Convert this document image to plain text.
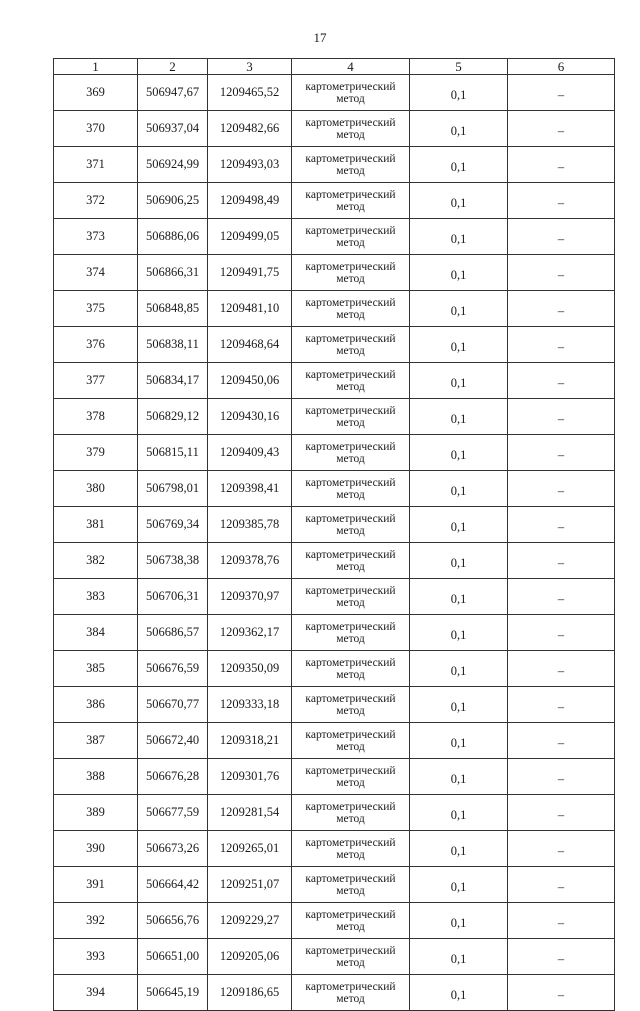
17
1	2	3	4	5	6
369	506947,67	1209465,52	картометрический
метод	0,1	–
370	506937,04	1209482,66	картометрический
метод	0,1	–
371	506924,99	1209493,03	картометрический
метод	0,1	–
372	506906,25	1209498,49	картометрический
метод	0,1	–
373	506886,06	1209499,05	картометрический
метод	0,1	–
374	506866,31	1209491,75	картометрический
метод	0,1	–
375	506848,85	1209481,10	картометрический
метод	0,1	–
376	506838,11	1209468,64	картометрический
метод	0,1	–
377	506834,17	1209450,06	картометрический
метод	0,1	–
378	506829,12	1209430,16	картометрический
метод	0,1	–
379	506815,11	1209409,43	картометрический
метод	0,1	–
380	506798,01	1209398,41	картометрический
метод	0,1	–
381	506769,34	1209385,78	картометрический
метод	0,1	–
382	506738,38	1209378,76	картометрический
метод	0,1	–
383	506706,31	1209370,97	картометрический
метод	0,1	–
384	506686,57	1209362,17	картометрический
метод	0,1	–
385	506676,59	1209350,09	картометрический
метод	0,1	–
386	506670,77	1209333,18	картометрический
метод	0,1	–
387	506672,40	1209318,21	картометрический
метод	0,1	–
388	506676,28	1209301,76	картометрический
метод	0,1	–
389	506677,59	1209281,54	картометрический
метод	0,1	–
390	506673,26	1209265,01	картометрический
метод	0,1	–
391	506664,42	1209251,07	картометрический
метод	0,1	–
392	506656,76	1209229,27	картометрический
метод	0,1	–
393	506651,00	1209205,06	картометрический
метод	0,1	–
394	506645,19	1209186,65	картометрический
метод	0,1	–
